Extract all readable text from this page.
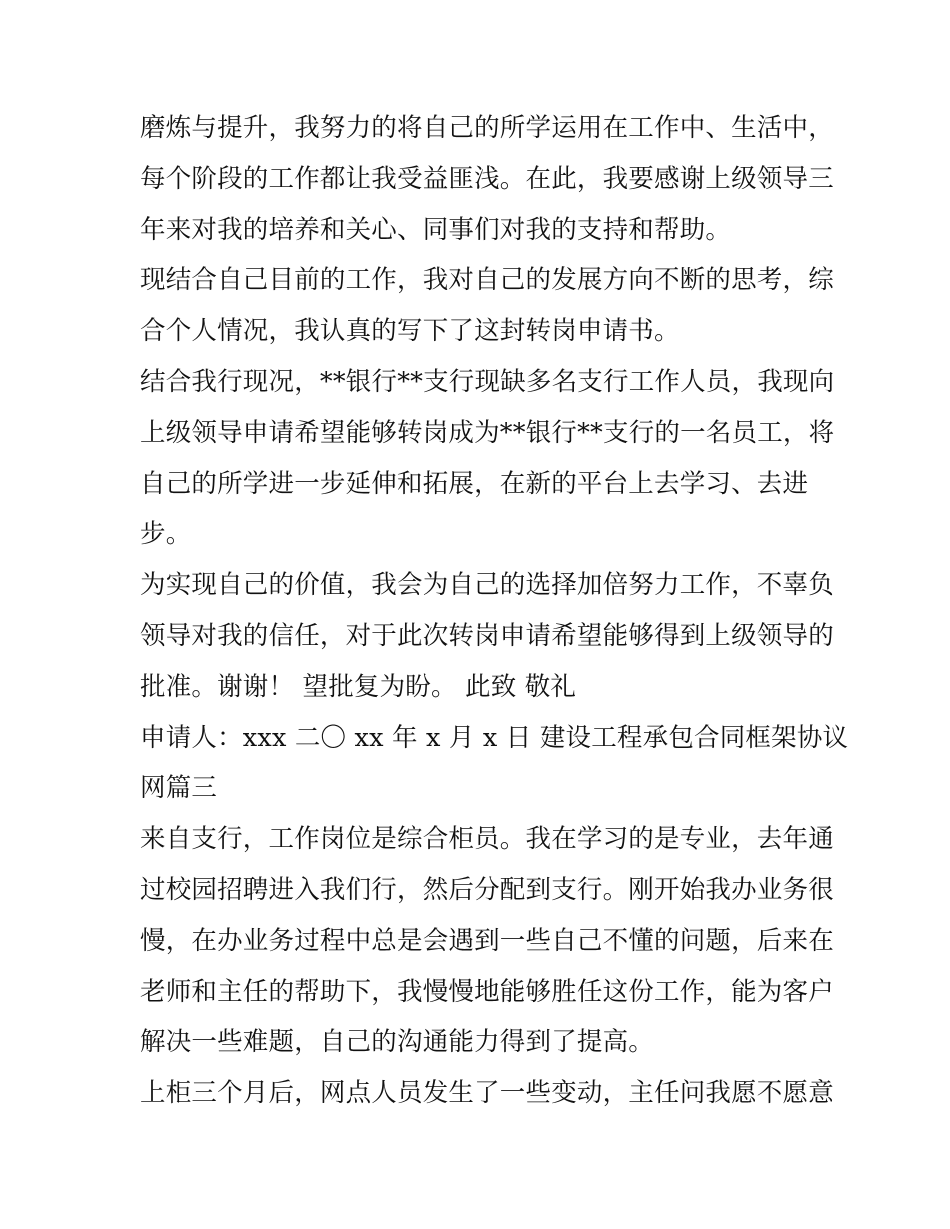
磨炼与提升，我努力的将自己的所学运用在工作中、生活中，
每个阶段的工作都让我受益匪浅。在此，我要感谢上级领导三
年来对我的培养和关心、同事们对我的支持和帮助。
现结合自己目前的工作，我对自己的发展方向不断的思考，综
合个人情况，我认真的写下了这封转岗申请书。
结合我行现况，**银行**支行现缺多名支行工作人员，我现向
上级领导申请希望能够转岗成为**银行**支行的一名员工，将
自己的所学进一步延伸和拓展，在新的平台上去学习、去进
步。
为实现自己的价值，我会为自己的选择加倍努力工作，不辜负
领导对我的信任，对于此次转岗申请希望能够得到上级领导的
批准。谢谢！ 望批复为盼。 此致 敬礼
申请人：xxx 二〇 xx 年 x 月 x 日 建设工程承包合同框架协议
网篇三
来自支行，工作岗位是综合柜员。我在学习的是专业，去年通
过校园招聘进入我们行，然后分配到支行。刚开始我办业务很
慢，在办业务过程中总是会遇到一些自己不懂的问题，后来在
老师和主任的帮助下，我慢慢地能够胜任这份工作，能为客户
解决一些难题，自己的沟通能力得到了提高。
上柜三个月后，网点人员发生了一些变动，主任问我愿不愿意
